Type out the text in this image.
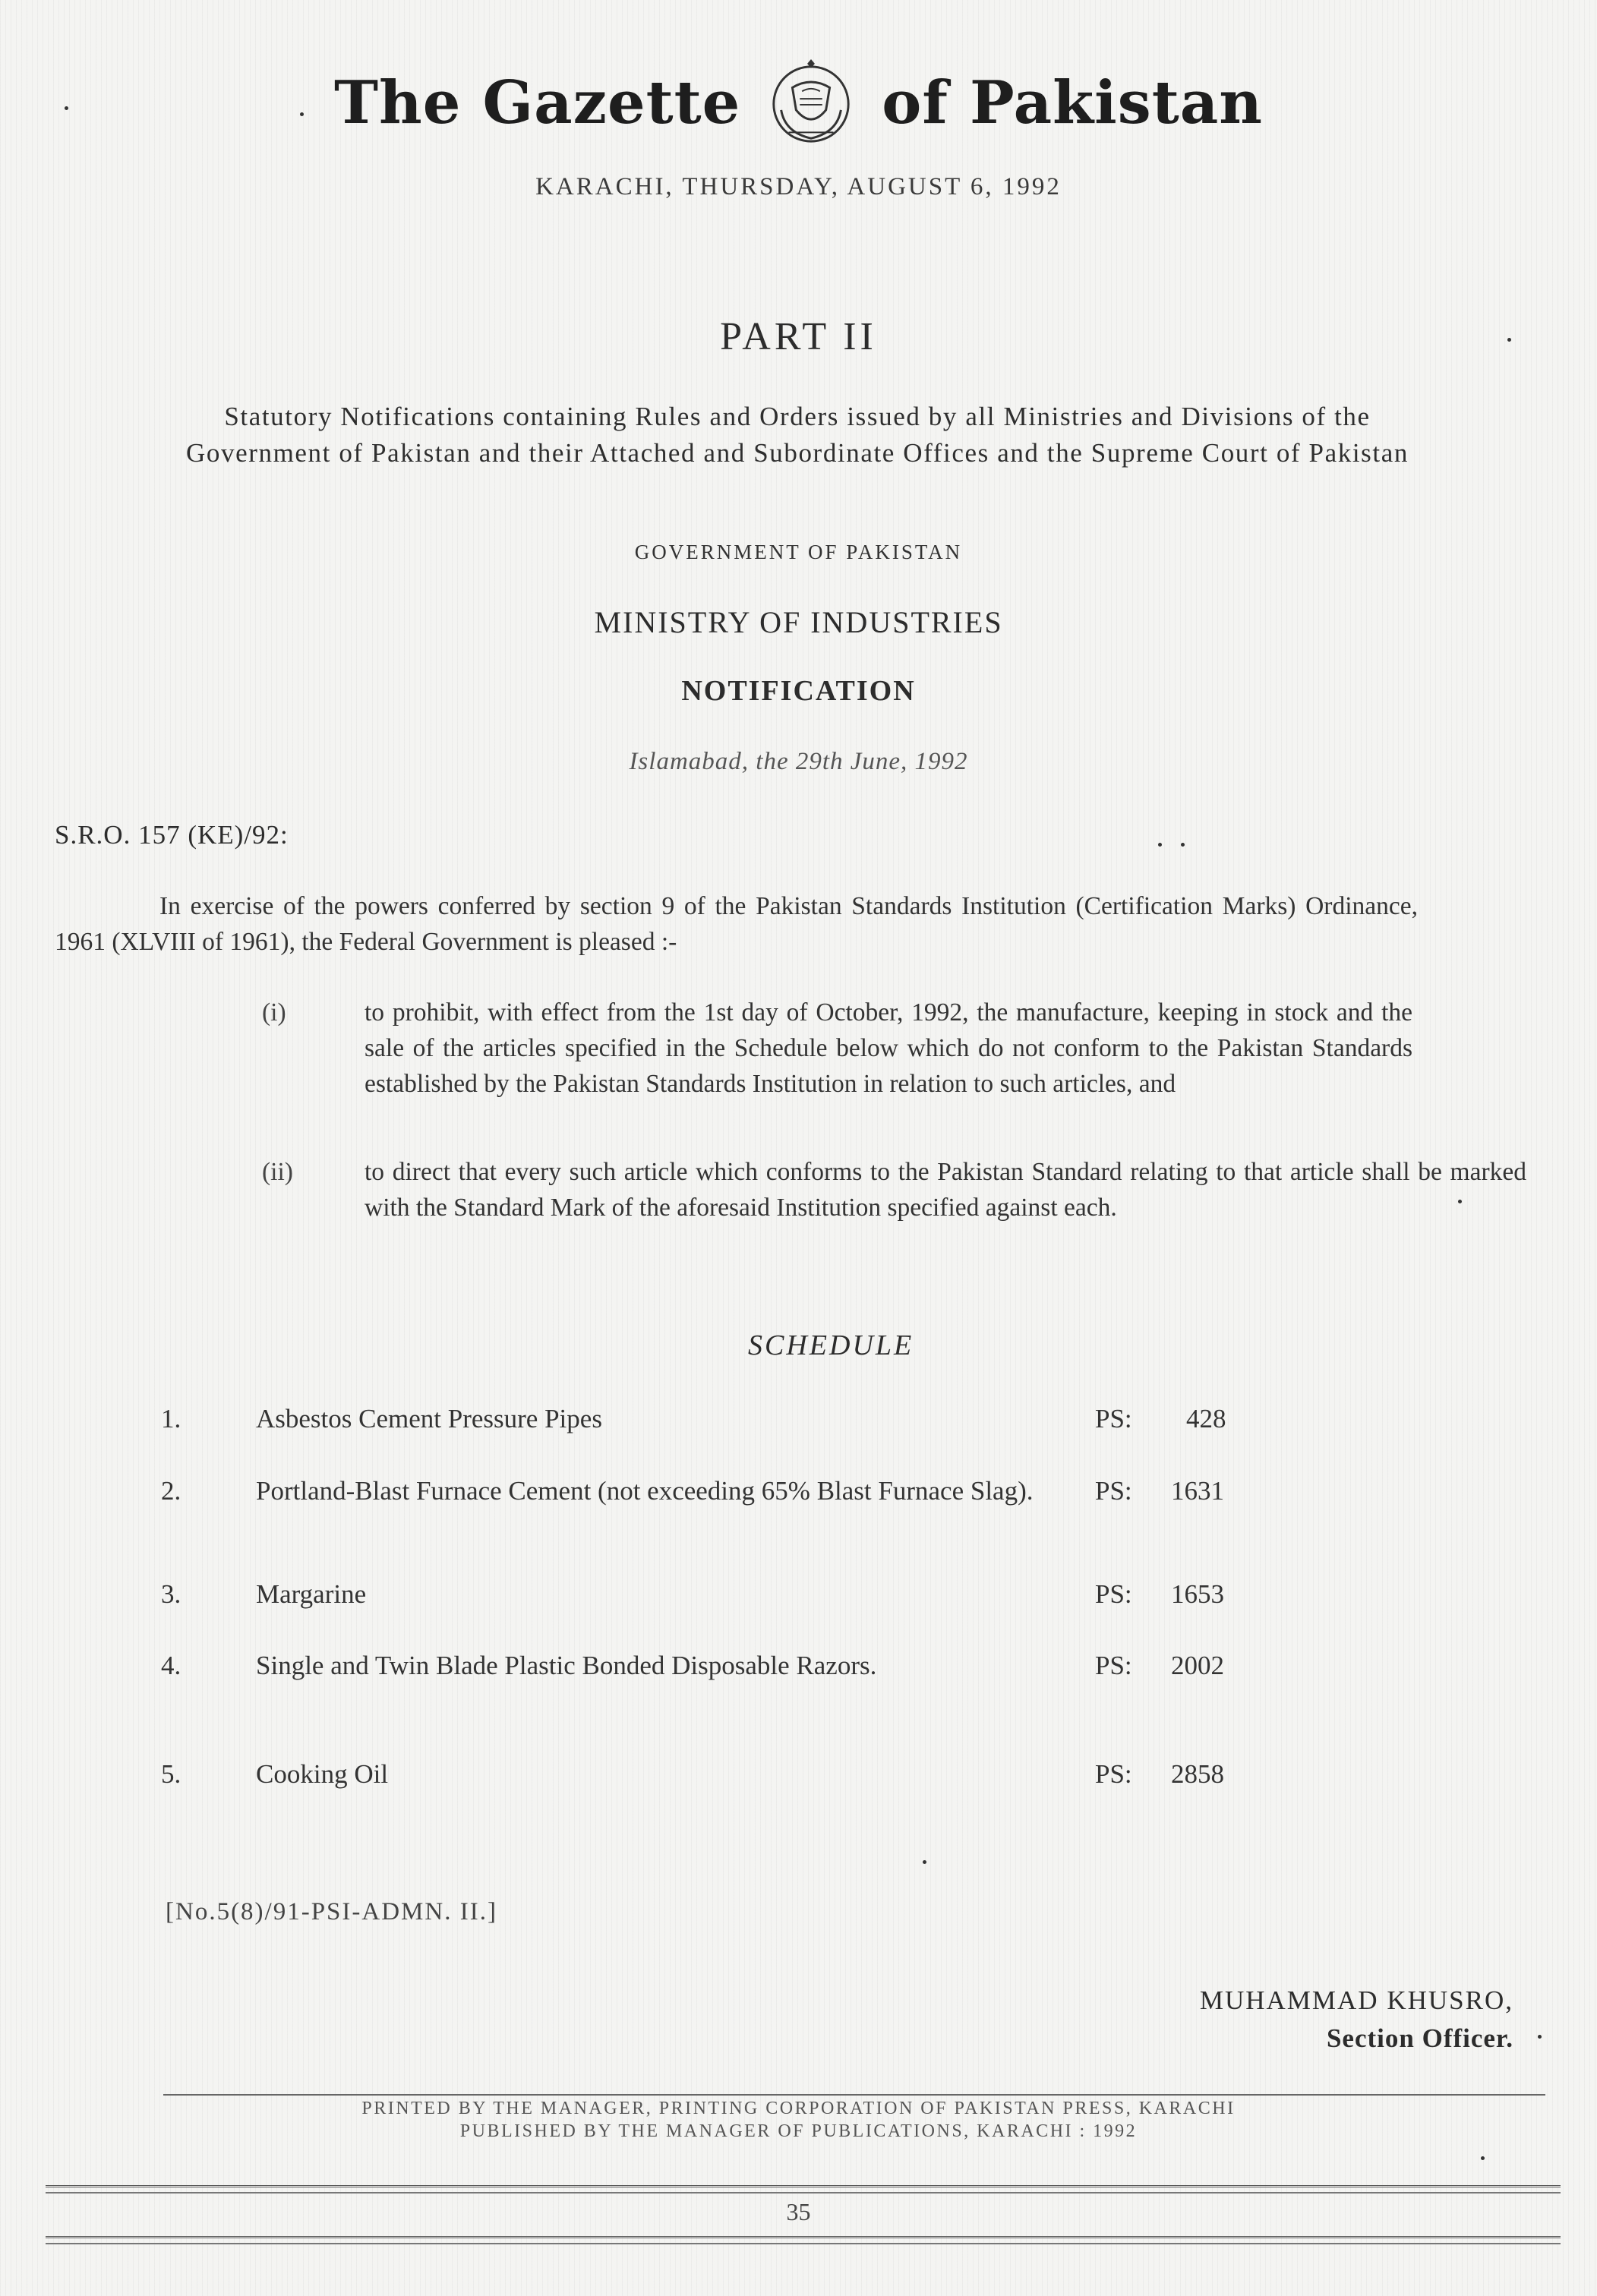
The Gazette of Pakistan
KARACHI, THURSDAY, AUGUST 6, 1992
PART II
Statutory Notifications containing Rules and Orders issued by all Ministries and Divisions of the Government of Pakistan and their Attached and Subordinate Offices and the Supreme Court of Pakistan
GOVERNMENT OF PAKISTAN
MINISTRY OF INDUSTRIES
NOTIFICATION
Islamabad, the 29th June, 1992
S.R.O. 157 (KE)/92:
In exercise of the powers conferred by section 9 of the Pakistan Standards Institution (Certification Marks) Ordinance, 1961 (XLVIII of 1961), the Federal Government is pleased :-
(i)	to prohibit, with effect from the 1st day of October, 1992, the manufacture, keeping in stock and the sale of the articles specified in the Schedule below which do not conform to the Pakistan Standards established by the Pakistan Standards Institution in relation to such articles, and
(ii)	to direct that every such article which conforms to the Pakistan Standard relating to that article shall be marked with the Standard Mark of the aforesaid Institution specified against each.
SCHEDULE
1.	Asbestos Cement Pressure Pipes	PS: 428
2.	Portland-Blast Furnace Cement (not exceeding 65% Blast Furnace Slag).	PS: 1631
3.	Margarine	PS: 1653
4.	Single and Twin Blade Plastic Bonded Disposable Razors.	PS: 2002
5.	Cooking Oil	PS: 2858
[No.5(8)/91-PSI-ADMN. II.]
MUHAMMAD KHUSRO,
Section Officer.
PRINTED BY THE MANAGER, PRINTING CORPORATION OF PAKISTAN PRESS, KARACHI
PUBLISHED BY THE MANAGER OF PUBLICATIONS, KARACHI : 1992
35
